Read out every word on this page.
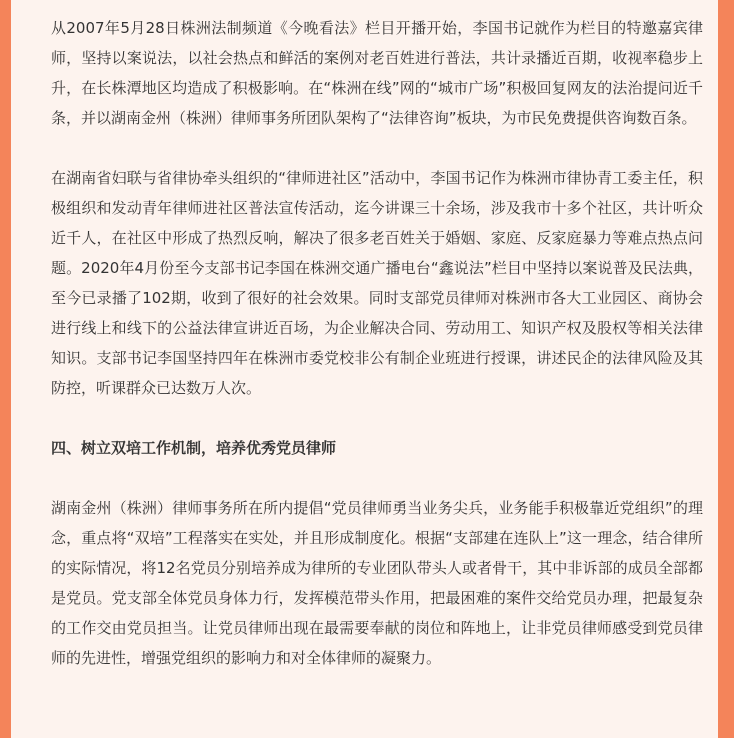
从2007年5月28日株洲法制频道《今晚看法》栏目开播开始，李国书记就作为栏目的特邀嘉宾律师，坚持以案说法，以社会热点和鲜活的案例对老百姓进行普法，共计录播近百期，收视率稳步上升，在长株潭地区均造成了积极影响。在“株洲在线”网的“城市广场”积极回复网友的法治提问近千条，并以湖南金州（株洲）律师事务所团队架构了“法律咨询”板块，为市民免费提供咨询数百条。

在湖南省妇联与省律协牵头组织的“律师进社区”活动中，李国书记作为株洲市律协青工委主任，积极组织和发动青年律师进社区普法宣传活动，迄今讲课三十余场，涉及我市十多个社区，共计听众近千人，在社区中形成了热烈反响，解决了很多老百姓关于婚姻、家庭、反家庭暴力等难点热点问题。2020年4月份至今支部书记李国在株洲交通广播电台“鑫说法”栏目中坚持以案说普及民法典，至今已录播了102期，收到了很好的社会效果。同时支部党员律师对株洲市各大工业园区、商协会进行线上和线下的公益法律宣讲近百场，为企业解决合同、劳动用工、知识产权及股权等相关法律知识。支部书记李国坚持四年在株洲市委党校非公有制企业班进行授课，讲述民企的法律风险及其防控，听课群众已达数万人次。

四、树立双培工作机制，培养优秀党员律师

湖南金州（株洲）律师事务所在所内提倡“党员律师勇当业务尖兵，业务能手积极靠近党组织”的理念，重点将“双培”工程落实在实处，并且形成制度化。根据“支部建在连队上”这一理念，结合律所的实际情况，将12名党员分别培养成为律所的专业团队带头人或者骨干，其中非诉部的成员全部都是党员。党支部全体党员身体力行，发挥模范带头作用，把最困难的案件交给党员办理，把最复杂的工作交由党员担当。让党员律师出现在最需要奉献的岗位和阵地上，让非党员律师感受到党员律师的先进性，增强党组织的影响力和对全体律师的凝聚力。
